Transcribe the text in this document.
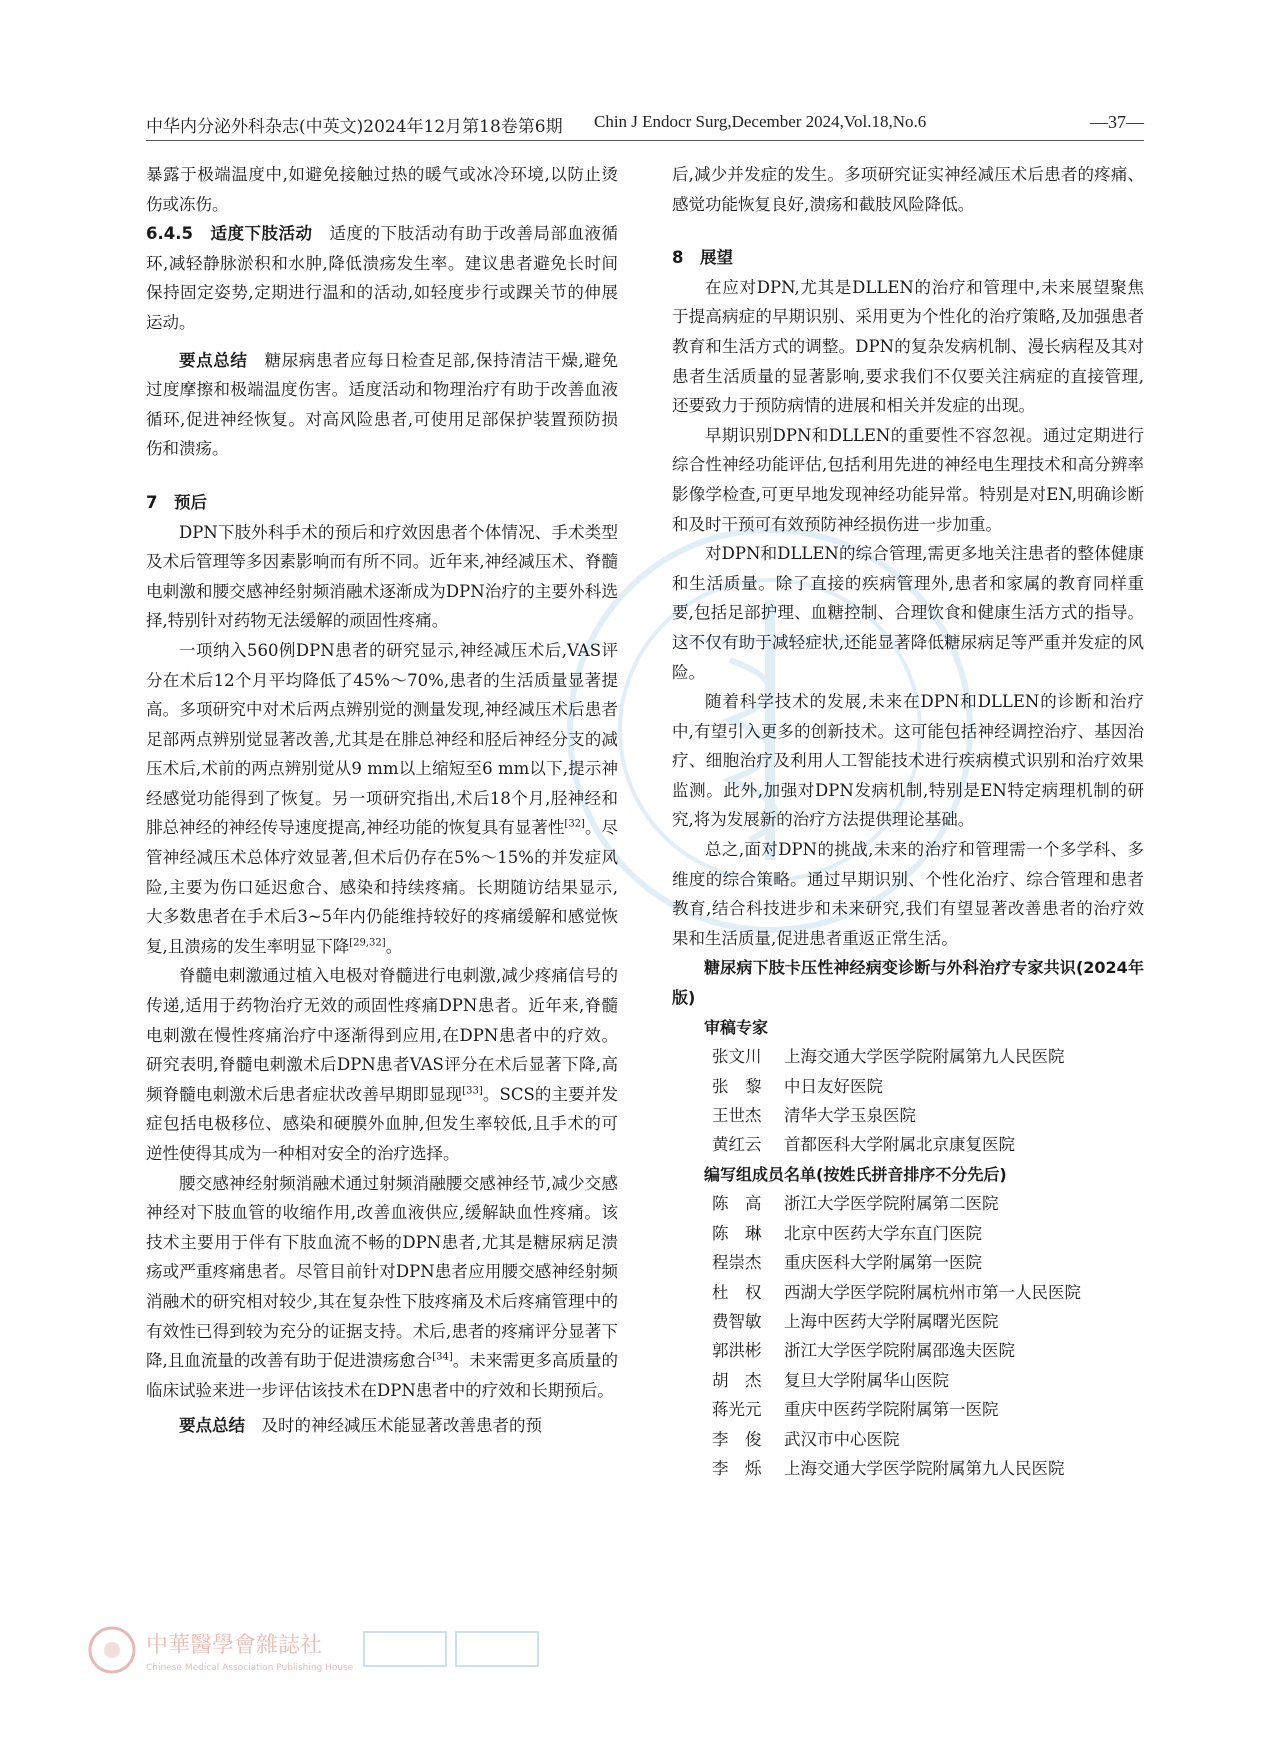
中华内分泌外科杂志(中英文)2024年12月第18卷第6期 Chin J Endocr Surg,December 2024,Vol.18,No.6	—37—

暴露于极端温度中,如避免接触过热的暖气或冰冷环境,以防止烫伤或冻伤。

6.4.5　适度下肢活动　 适度的下肢活动有助于改善局部血液循环,减轻静脉淤积和水肿,降低溃疡发生率。建议患者避免长时间保持固定姿势,定期进行温和的活动,如轻度步行或踝关节的伸展运动。

要点总结　 糖尿病患者应每日检查足部,保持清洁干燥,避免过度摩擦和极端温度伤害。适度活动和物理治疗有助于改善血液循环,促进神经恢复。对高风险患者,可使用足部保护装置预防损伤和溃疡。

7　预后

DPN下肢外科手术的预后和疗效因患者个体情况、手术类型及术后管理等多因素影响而有所不同。近年来,神经减压术、脊髓电刺激和腰交感神经射频消融术逐渐成为DPN治疗的主要外科选择,特别针对药物无法缓解的顽固性疼痛。

一项纳入560例DPN患者的研究显示,神经减压术后,VAS评分在术后12个月平均降低了45%～70%,患者的生活质量显著提高。多项研究中对术后两点辨别觉的测量发现,神经减压术后患者足部两点辨别觉显著改善,尤其是在腓总神经和胫后神经分支的减压术后,术前的两点辨别觉从9 mm以上缩短至6 mm以下,提示神经感觉功能得到了恢复。另一项研究指出,术后18个月,胫神经和腓总神经的神经传导速度提高,神经功能的恢复具有显著性[32]。尽管神经减压术总体疗效显著,但术后仍存在5%～15%的并发症风险,主要为伤口延迟愈合、感染和持续疼痛。长期随访结果显示,大多数患者在手术后3~5年内仍能维持较好的疼痛缓解和感觉恢复,且溃疡的发生率明显下降[29,32]。

脊髓电刺激通过植入电极对脊髓进行电刺激,减少疼痛信号的传递,适用于药物治疗无效的顽固性疼痛DPN患者。近年来,脊髓电刺激在慢性疼痛治疗中逐渐得到应用,在DPN患者中的疗效。研究表明,脊髓电刺激术后DPN患者VAS评分在术后显著下降,高频脊髓电刺激术后患者症状改善早期即显现[33]。SCS的主要并发症包括电极移位、感染和硬膜外血肿,但发生率较低,且手术的可逆性使得其成为一种相对安全的治疗选择。

腰交感神经射频消融术通过射频消融腰交感神经节,减少交感神经对下肢血管的收缩作用,改善血液供应,缓解缺血性疼痛。该技术主要用于伴有下肢血流不畅的DPN患者,尤其是糖尿病足溃疡或严重疼痛患者。尽管目前针对DPN患者应用腰交感神经射频消融术的研究相对较少,其在复杂性下肢疼痛及术后疼痛管理中的有效性已得到较为充分的证据支持。术后,患者的疼痛评分显著下降,且血流量的改善有助于促进溃疡愈合[34]。未来需更多高质量的临床试验来进一步评估该技术在DPN患者中的疗效和长期预后。

要点总结　 及时的神经减压术能显著改善患者的预

后,减少并发症的发生。多项研究证实神经减压术后患者的疼痛、感觉功能恢复良好,溃疡和截肢风险降低。

8　展望

在应对DPN,尤其是DLLEN的治疗和管理中,未来展望聚焦于提高病症的早期识别、采用更为个性化的治疗策略,及加强患者教育和生活方式的调整。DPN的复杂发病机制、漫长病程及其对患者生活质量的显著影响,要求我们不仅要关注病症的直接管理,还要致力于预防病情的进展和相关并发症的出现。

早期识别DPN和DLLEN的重要性不容忽视。通过定期进行综合性神经功能评估,包括利用先进的神经电生理技术和高分辨率影像学检查,可更早地发现神经功能异常。特别是对EN,明确诊断和及时干预可有效预防神经损伤进一步加重。

对DPN和DLLEN的综合管理,需更多地关注患者的整体健康和生活质量。除了直接的疾病管理外,患者和家属的教育同样重要,包括足部护理、血糖控制、合理饮食和健康生活方式的指导。这不仅有助于减轻症状,还能显著降低糖尿病足等严重并发症的风险。

随着科学技术的发展,未来在DPN和DLLEN的诊断和治疗中,有望引入更多的创新技术。这可能包括神经调控治疗、基因治疗、细胞治疗及利用人工智能技术进行疾病模式识别和治疗效果监测。此外,加强对DPN发病机制,特别是EN特定病理机制的研究,将为发展新的治疗方法提供理论基础。

总之,面对DPN的挑战,未来的治疗和管理需一个多学科、多维度的综合策略。通过早期识别、个性化治疗、综合管理和患者教育,结合科技进步和未来研究,我们有望显著改善患者的治疗效果和生活质量,促进患者重返正常生活。

糖尿病下肢卡压性神经病变诊断与外科治疗专家共识(2024年版)

审稿专家

张文川	上海交通大学医学院附属第九人民医院
张　黎	中日友好医院
王世杰	清华大学玉泉医院
黄红云	首都医科大学附属北京康复医院

编写组成员名单(按姓氏拼音排序不分先后)

陈　高	浙江大学医学院附属第二医院
陈　琳	北京中医药大学东直门医院
程崇杰	重庆医科大学附属第一医院
杜　权	西湖大学医学院附属杭州市第一人民医院
费智敏	上海中医药大学附属曙光医院
郭洪彬	浙江大学医学院附属邵逸夫医院
胡　杰	复旦大学附属华山医院
蒋光元	重庆中医药学院附属第一医院
李　俊	武汉市中心医院
李　烁	上海交通大学医学院附属第九人民医院
中華醫學會雜誌社
Chinese Medical Association Publishing House
